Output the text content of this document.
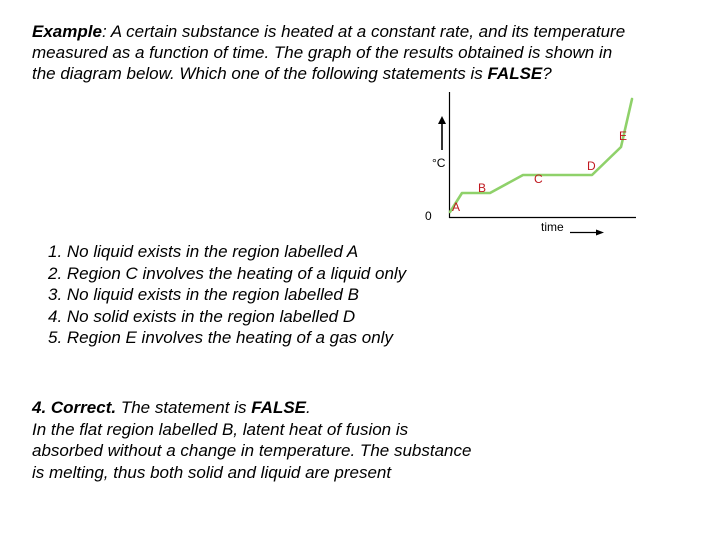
Example: A certain substance is heated at a constant rate, and its temperature
measured as a function of time. The graph of the results obtained is shown in
the diagram below. Which one of the following statements is FALSE?
°C
0
A
B
C
D
E
time
1. No liquid exists in the region labelled A
2. Region C involves the heating of a liquid only
3. No liquid exists in the region labelled B
4. No solid exists in the region labelled D
5. Region E involves the heating of a gas only
4. Correct. The statement is FALSE.
In the flat region labelled B, latent heat of fusion is
absorbed without a change in temperature. The substance
is melting, thus both solid and liquid are present
